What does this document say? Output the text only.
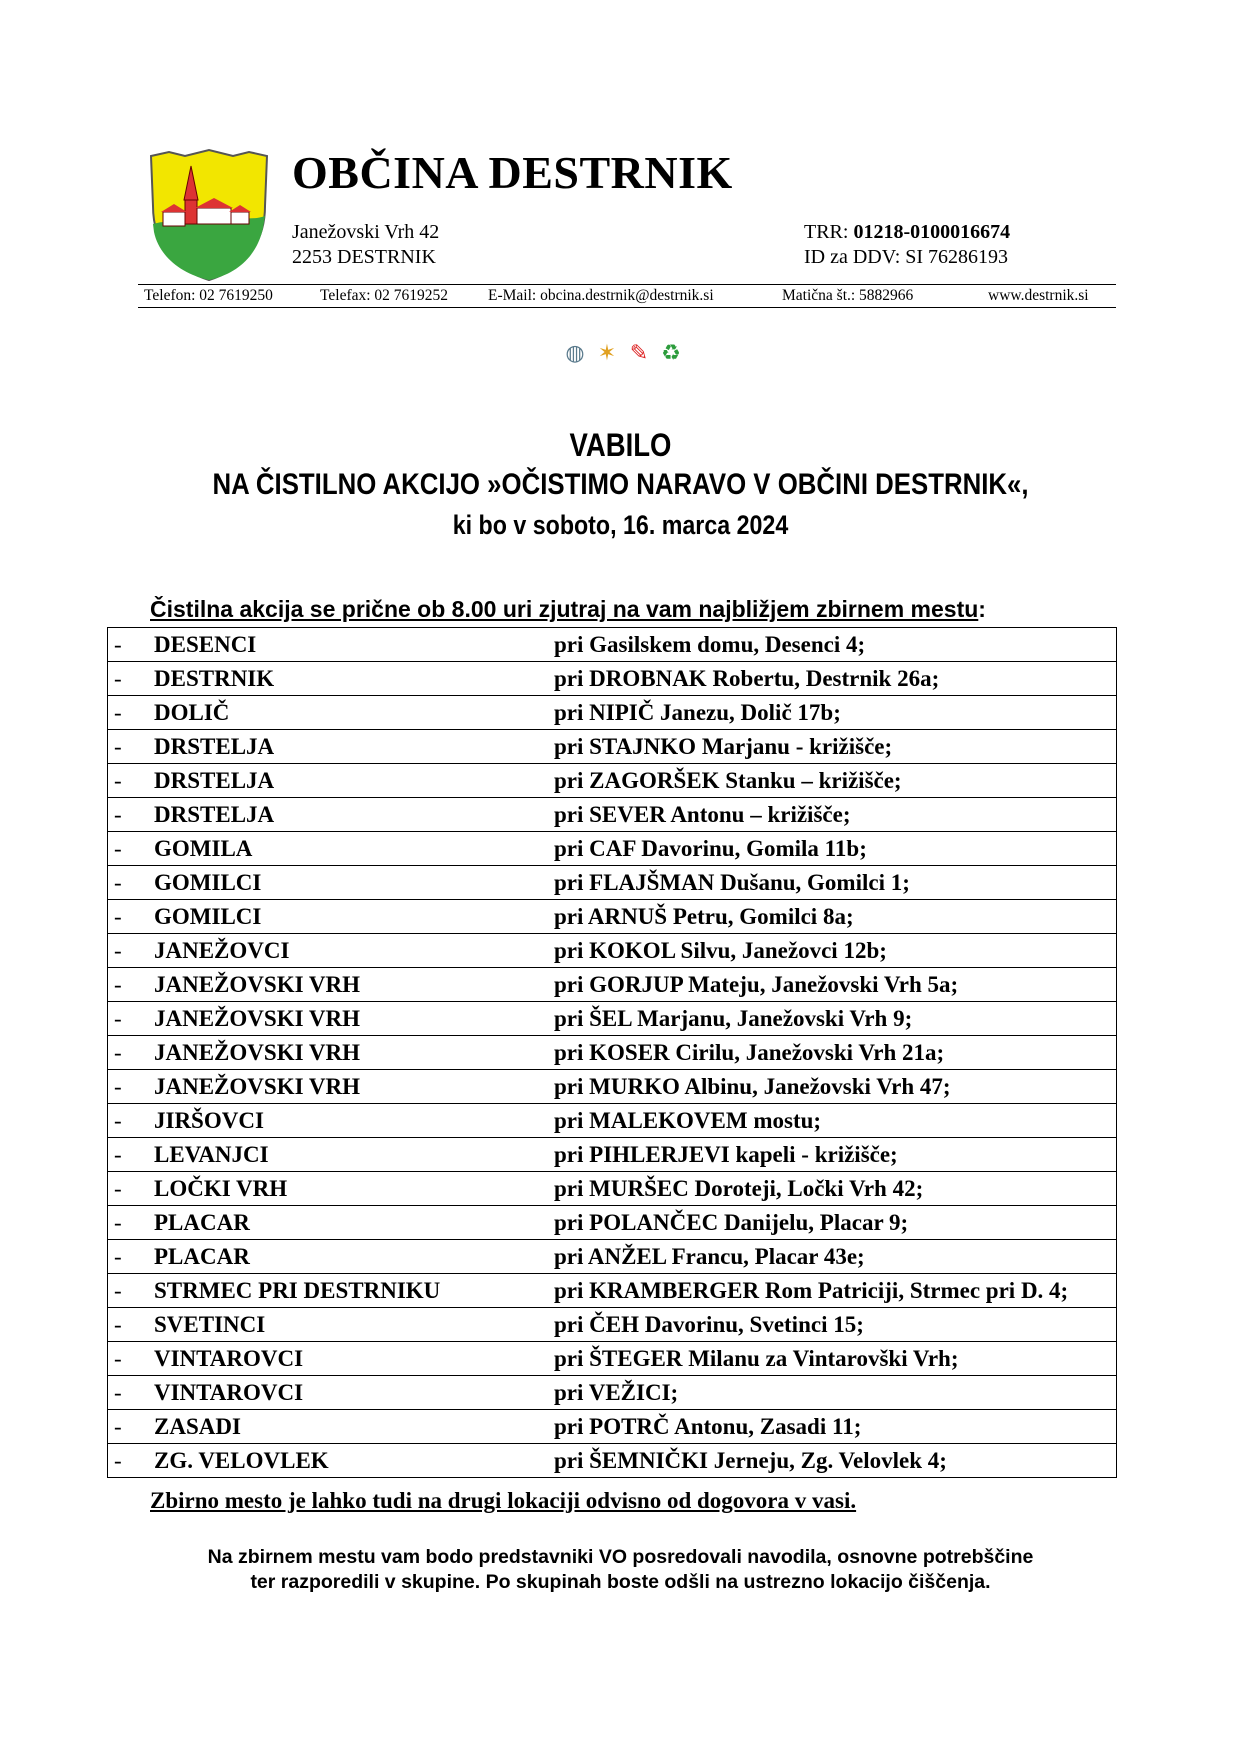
OBČINA DESTRNIK
Janežovski Vrh 42
2253 DESTRNIK
TRR: 01218-0100016674
ID za DDV: SI 76286193
Telefon: 02 7619250	Telefax: 02 7619252	E-Mail: obcina.destrnik@destrnik.si	Matična št.: 5882966	www.destrnik.si
◍ ✶ ✎ ♻
VABILO
NA ČISTILNO AKCIJO »OČISTIMO NARAVO V OBČINI DESTRNIK«,
ki bo v soboto, 16. marca 2024
Čistilna akcija se prične ob 8.00 uri zjutraj na vam najbližjem zbirnem mestu:
-	DESENCI	pri Gasilskem domu, Desenci 4;
-	DESTRNIK	pri DROBNAK Robertu, Destrnik 26a;
-	DOLIČ	pri NIPIČ Janezu, Dolič 17b;
-	DRSTELJA	pri STAJNKO Marjanu - križišče;
-	DRSTELJA	pri ZAGORŠEK Stanku – križišče;
-	DRSTELJA	pri SEVER Antonu – križišče;
-	GOMILA	pri CAF Davorinu, Gomila 11b;
-	GOMILCI	pri FLAJŠMAN Dušanu, Gomilci 1;
-	GOMILCI	pri ARNUŠ Petru, Gomilci 8a;
-	JANEŽOVCI	pri KOKOL Silvu, Janežovci 12b;
-	JANEŽOVSKI VRH	pri GORJUP Mateju, Janežovski Vrh 5a;
-	JANEŽOVSKI VRH	pri ŠEL Marjanu, Janežovski Vrh 9;
-	JANEŽOVSKI VRH	pri KOSER Cirilu, Janežovski Vrh 21a;
-	JANEŽOVSKI VRH	pri MURKO Albinu, Janežovski Vrh 47;
-	JIRŠOVCI	pri MALEKOVEM mostu;
-	LEVANJCI	pri PIHLERJEVI kapeli - križišče;
-	LOČKI VRH	pri MURŠEC Doroteji, Ločki Vrh 42;
-	PLACAR	pri POLANČEC Danijelu, Placar 9;
-	PLACAR	pri ANŽEL Francu, Placar 43e;
-	STRMEC PRI DESTRNIKU	pri KRAMBERGER Rom Patriciji, Strmec pri D. 4;
-	SVETINCI	pri ČEH Davorinu, Svetinci 15;
-	VINTAROVCI	pri ŠTEGER Milanu za Vintarovški Vrh;
-	VINTAROVCI	pri VEŽICI;
-	ZASADI	pri POTRČ Antonu, Zasadi 11;
-	ZG. VELOVLEK	pri ŠEMNIČKI Jerneju, Zg. Velovlek 4;
Zbirno mesto je lahko tudi na drugi lokaciji odvisno od dogovora v vasi.
Na zbirnem mestu vam bodo predstavniki VO posredovali navodila, osnovne potrebščine
ter razporedili v skupine. Po skupinah boste odšli na ustrezno lokacijo čiščenja.
